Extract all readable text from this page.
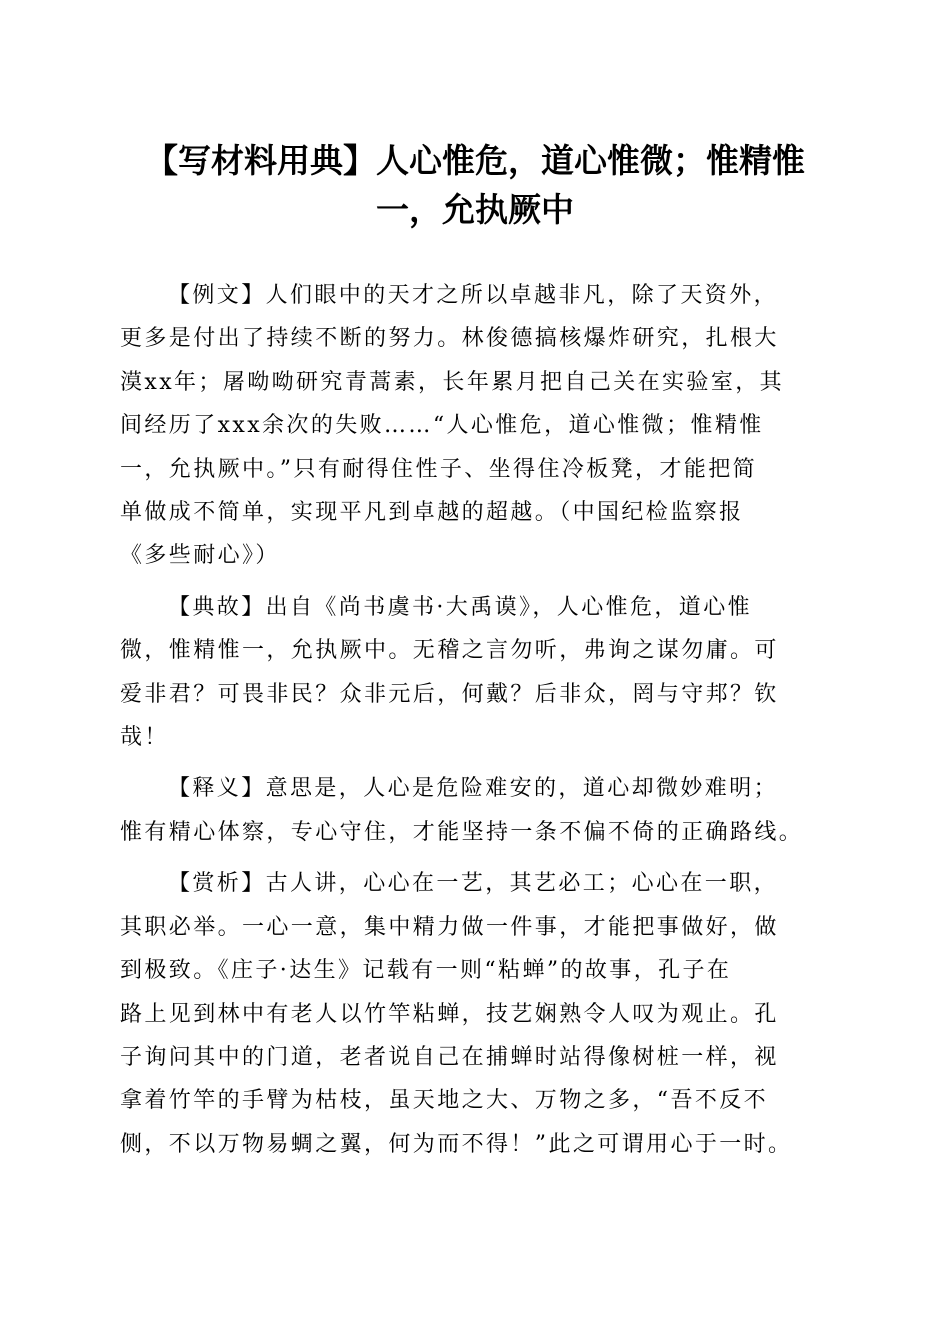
【写材料用典】人心惟危，道心惟微；惟精惟
一，允执厥中
【例文】人们眼中的天才之所以卓越非凡，除了天资外，
更多是付出了持续不断的努力。林俊德搞核爆炸研究，扎根大
漠xx年；屠呦呦研究青蒿素，长年累月把自己关在实验室，其
间经历了xxx余次的失败……“人心惟危，道心惟微；惟精惟
一，允执厥中。”只有耐得住性子、坐得住冷板凳，才能把简
单做成不简单，实现平凡到卓越的超越。（中国纪检监察报
《多些耐心》）
【典故】出自《尚书虞书·大禹谟》，人心惟危，道心惟
微，惟精惟一，允执厥中。无稽之言勿听，弗询之谋勿庸。可
爱非君？可畏非民？众非元后，何戴？后非众，罔与守邦？钦
哉！
【释义】意思是，人心是危险难安的，道心却微妙难明；
惟有精心体察，专心守住，才能坚持一条不偏不倚的正确路线。
【赏析】古人讲，心心在一艺，其艺必工；心心在一职，
其职必举。一心一意，集中精力做一件事，才能把事做好，做
到极致。《庄子·达生》记载有一则“粘蝉”的故事，孔子在
路上见到林中有老人以竹竿粘蝉，技艺娴熟令人叹为观止。孔
子询问其中的门道，老者说自己在捕蝉时站得像树桩一样，视
拿着竹竿的手臂为枯枝，虽天地之大、万物之多，“吾不反不
侧，不以万物易蜩之翼，何为而不得！”此之可谓用心于一时。
